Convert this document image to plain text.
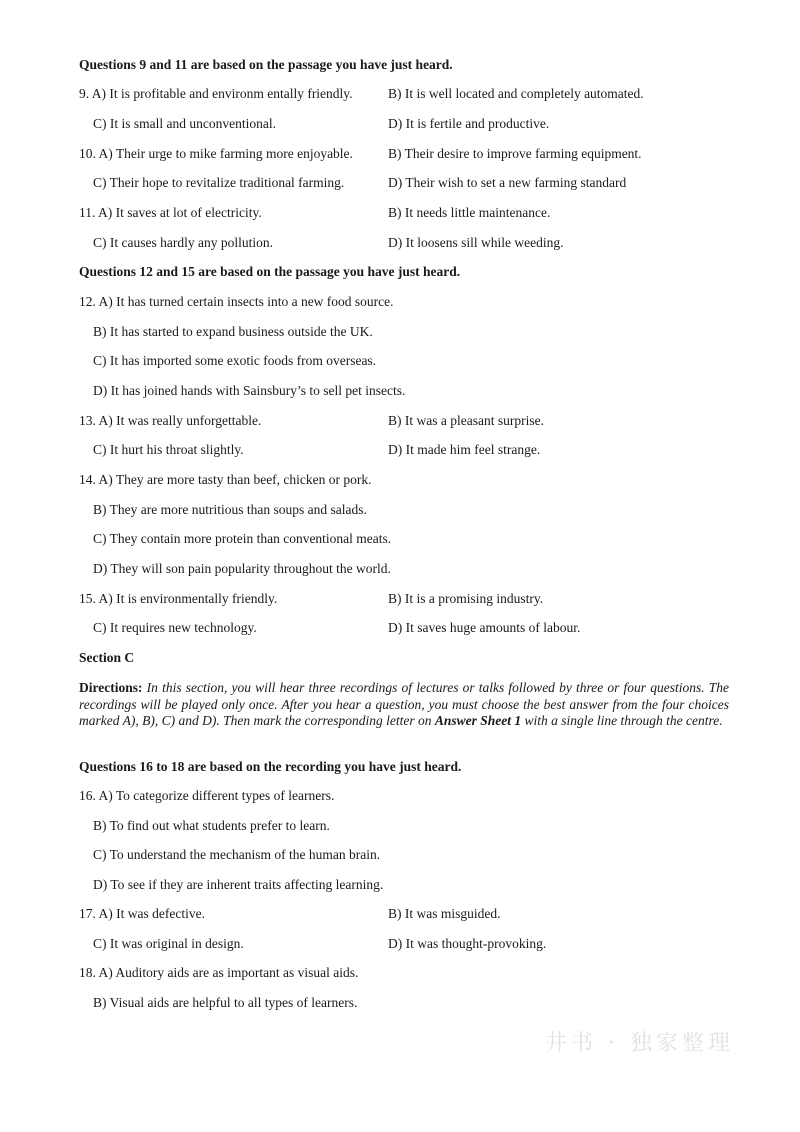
Questions 9 and 11 are based on the passage you have just heard.
9. A) It is profitable and environm entally friendly.	B) It is well located and completely automated.
C) It is small and unconventional.	D) It is fertile and productive.
10. A) Their urge to mike farming more enjoyable.	B) Their desire to improve farming equipment.
C) Their hope to revitalize traditional farming.	D) Their wish to set a new farming standard
11. A) It saves at lot of electricity.	B) It needs little maintenance.
C) It causes hardly any pollution.	D) It loosens sill while weeding.
Questions 12 and 15 are based on the passage you have just heard.
12. A) It has turned certain insects into a new food source.
B) It has started to expand business outside the UK.
C) It has imported some exotic foods from overseas.
D) It has joined hands with Sainsbury’s to sell pet insects.
13. A) It was really unforgettable.	B) It was a pleasant surprise.
C) It hurt his throat slightly.	D) It made him feel strange.
14. A) They are more tasty than beef, chicken or pork.
B) They are more nutritious than soups and salads.
C) They contain more protein than conventional meats.
D) They will son pain popularity throughout the world.
15. A) It is environmentally friendly.	B) It is a promising industry.
C) It requires new technology.	D) It saves huge amounts of labour.
Section C
Directions: In this section, you will hear three recordings of lectures or talks followed by three or four questions. The recordings will be played only once. After you hear a question, you must choose the best answer from the four choices marked A), B), C) and D). Then mark the corresponding letter on Answer Sheet 1 with a single line through the centre.
Questions 16 to 18 are based on the recording you have just heard.
16. A) To categorize different types of learners.
B) To find out what students prefer to learn.
C) To understand the mechanism of the human brain.
D) To see if they are inherent traits affecting learning.
17. A) It was defective.	B) It was misguided.
C) It was original in design.	D) It was thought-provoking.
18. A) Auditory aids are as important as visual aids.
B) Visual aids are helpful to all types of learners.
井书 · 独家整理
